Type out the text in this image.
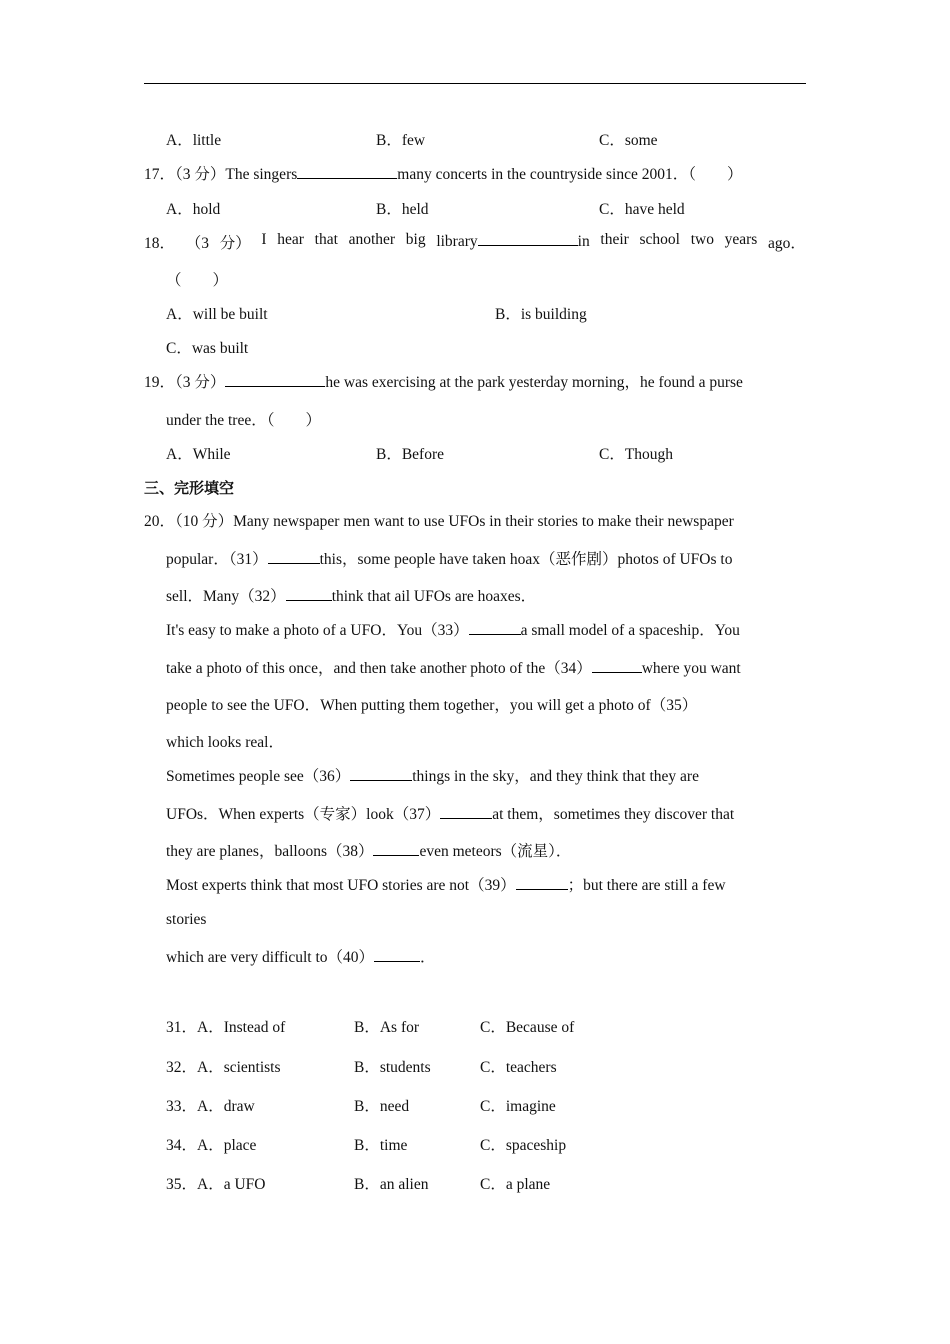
A．little	B．few	C．some
17．（3 分）The singers	many concerts in the countryside since 2001．（　　）
A．hold	B．held	C．have held
18． （3 分） I hear that another big library	in their school two years ago．
（　　）
A．will be built	B．is building
C．was built
19．（3 分）	he was exercising at the park yesterday morning，he found a purse
under the tree．（　　）
A．While	B．Before	C．Though
三、完形填空
20．（10 分）Many newspaper men want to use UFOs in their stories to make their newspaper
popular．（31）	this，some people have taken hoax（恶作剧）photos of UFOs to
sell．Many（32）	think that ail UFOs are hoaxes．
It's easy to make a photo of a UFO．You（33）	a small model of a spaceship．You
take a photo of this once，and then take another photo of the（34）	where you want
people to see the UFO．When putting them together，you will get a photo of（35）
which looks real．
Sometimes people see（36）	things in the sky，and they think that they are
UFOs．When experts（专家）look（37）	at them，sometimes they discover that
they are planes，balloons（38）	even meteors（流星）．
Most experts think that most UFO stories are not（39）	；but there are still a few
stories
which are very difficult to（40）	．
31．A．Instead of	B．As for	C．Because of
32．A．scientists	B．students	C．teachers
33．A．draw	B．need	C．imagine
34．A．place	B．time	C．spaceship
35．A．a UFO	B．an alien	C．a plane
